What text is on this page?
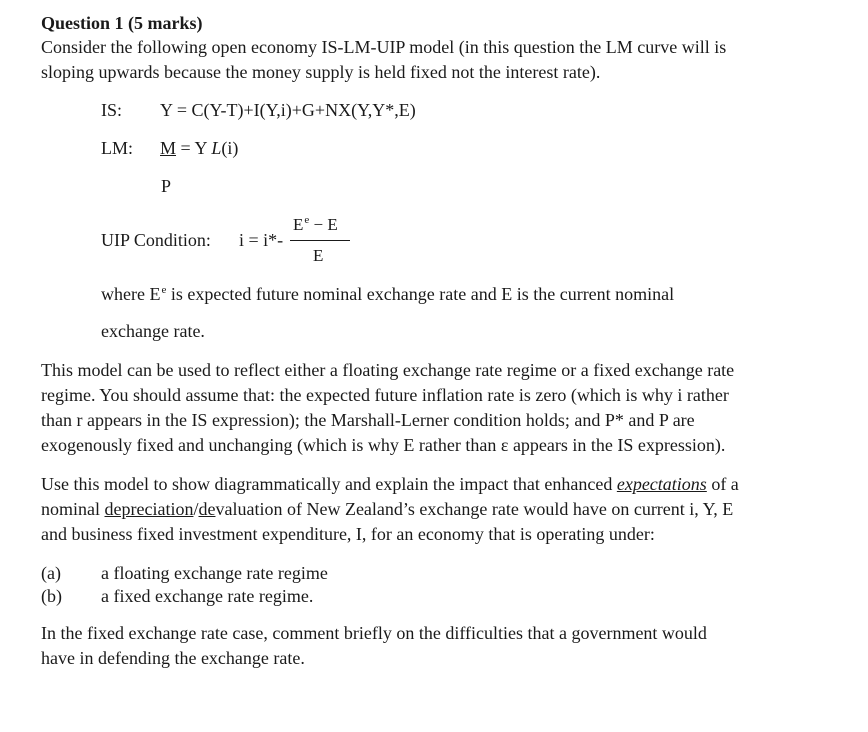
Question 1 (5 marks)
Consider the following open economy IS-LM-UIP model (in this question the LM curve will is
sloping upwards because the money supply is held fixed not the interest rate).
IS: Y = C(Y-T)+I(Y,i)+G+NX(Y,Y*,E)
LM: M = Y L(i)
P
UIP Condition: i = i*-
$E^e - E$
E
where $E^e$ is expected future nominal exchange rate and E is the current nominal
exchange rate.
This model can be used to reflect either a floating exchange rate regime or a fixed exchange rate
regime. You should assume that: the expected future inflation rate is zero (which is why i rather
than r appears in the IS expression); the Marshall-Lerner condition holds; and P* and P are
exogenously fixed and unchanging (which is why E rather than ε appears in the IS expression).
Use this model to show diagrammatically and explain the impact that enhanced expectations of a
nominal depreciation/devaluation of New Zealand’s exchange rate would have on current i, Y, E
and business fixed investment expenditure, I, for an economy that is operating under:
(a) a floating exchange rate regime
(b) a fixed exchange rate regime.
In the fixed exchange rate case, comment briefly on the difficulties that a government would
have in defending the exchange rate.
